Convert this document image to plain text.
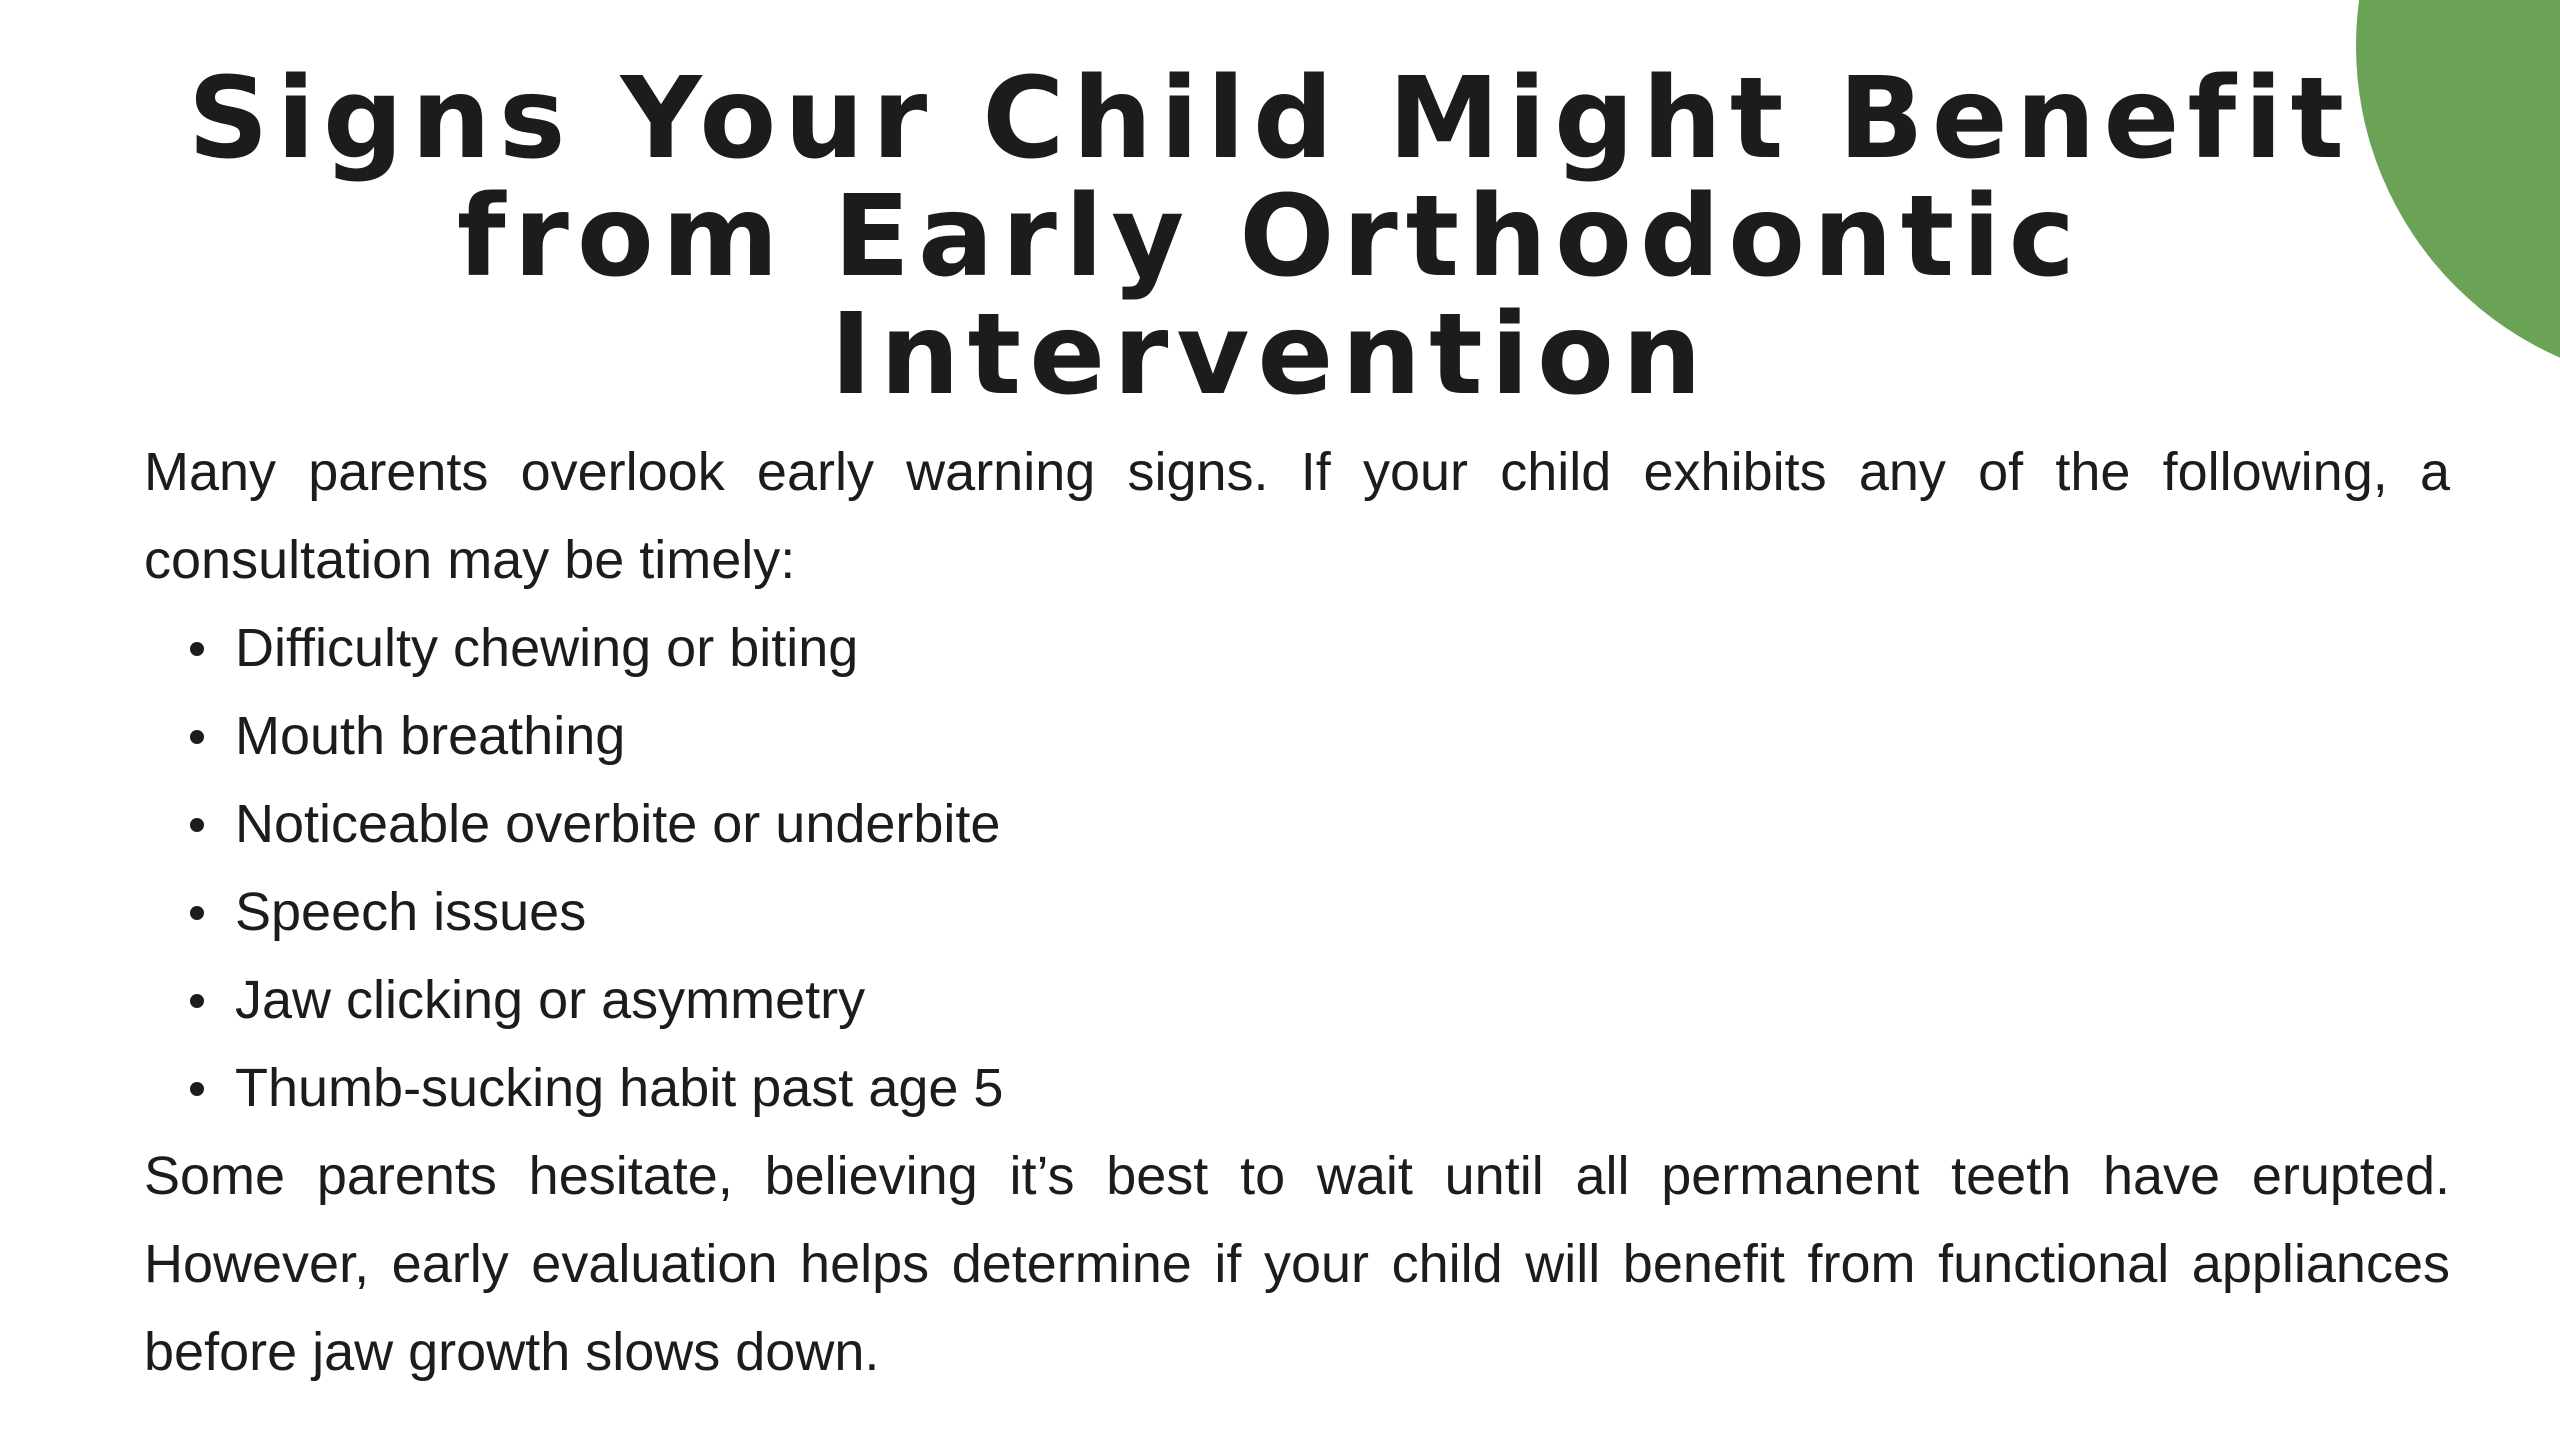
Signs Your Child Might Benefit from Early Orthodontic Intervention

Many parents overlook early warning signs. If your child exhibits any of the following, a consultation may be timely:

Difficulty chewing or biting
Mouth breathing
Noticeable overbite or underbite
Speech issues
Jaw clicking or asymmetry
Thumb-sucking habit past age 5

Some parents hesitate, believing it’s best to wait until all permanent teeth have erupted. However, early evaluation helps determine if your child will benefit from functional appliances before jaw growth slows down.
